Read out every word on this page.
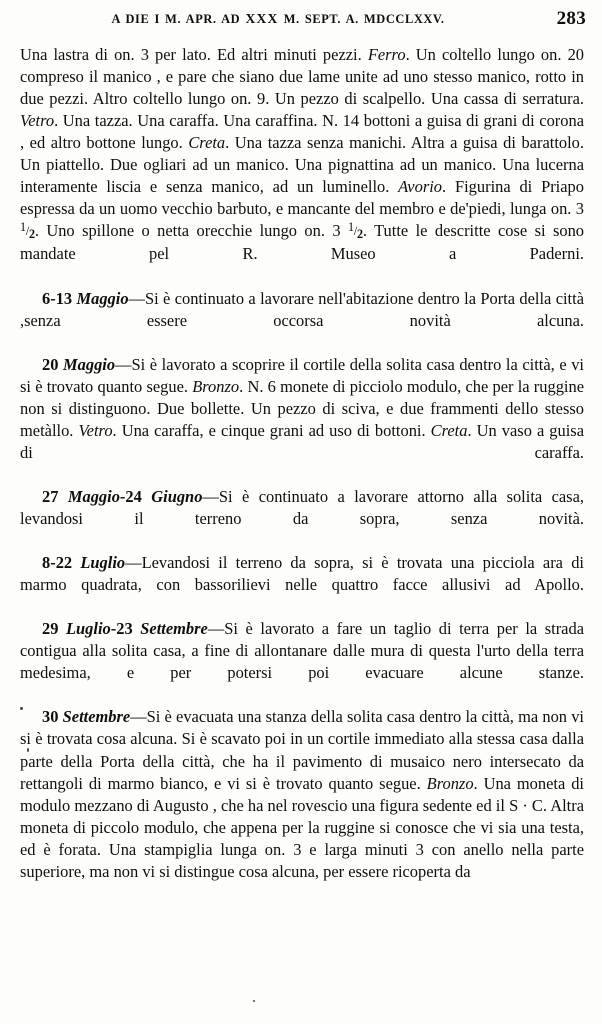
A DIE I M. APR. AD XXX M. SEPT. A. MDCCLXXV.	283

Una lastra di on. 3 per lato. Ed altri minuti pezzi. Ferro. Un coltello lungo on. 20 compreso il manico , e pare che siano due lame unite ad uno stesso manico, rotto in due pezzi. Altro coltello lungo on. 9. Un pezzo di scalpello. Una cassa di serratura. Vetro. Una tazza. Una caraffa. Una caraffina. N. 14 bottoni a guisa di grani di corona , ed altro bottone lungo. Creta. Una tazza senza manichi. Altra a guisa di barattolo. Un piattello. Due ogliari ad un manico. Una pignattina ad un manico. Una lucerna interamente liscia e senza manico, ad un luminello. Avorio. Figurina di Priapo espressa da un uomo vecchio barbuto, e mancante del membro e de'piedi, lunga on. 3 1/2. Uno spillone o netta orecchie lungo on. 3 1/2. Tutte le descritte cose si sono mandate pel R. Museo a Paderni.

6-13 Maggio—Si è continuato a lavorare nell'abitazione dentro la Porta della città ,senza essere occorsa novità alcuna.

20 Maggio—Si è lavorato a scoprire il cortile della solita casa dentro la città, e vi si è trovato quanto segue. Bronzo. N. 6 monete di picciolo modulo, che per la ruggine non si distinguono. Due bollette. Un pezzo di sciva, e due frammenti dello stesso metàllo. Vetro. Una caraffa, e cinque grani ad uso di bottoni. Creta. Un vaso a guisa di caraffa.

27 Maggio-24 Giugno—Si è continuato a lavorare attorno alla solita casa, levandosi il terreno da sopra, senza novità.

8-22 Luglio—Levandosi il terreno da sopra, si è trovata una picciola ara di marmo quadrata, con bassorilievi nelle quattro facce allusivi ad Apollo.

29 Luglio-23 Settembre—Si è lavorato a fare un taglio di terra per la strada contigua alla solita casa, a fine di allontanare dalle mura di questa l'urto della terra medesima, e per potersi poi evacuare alcune stanze.

30 Settembre—Si è evacuata una stanza della solita casa dentro la città, ma non vi si è trovata cosa alcuna. Si è scavato poi in un cortile immediato alla stessa casa dalla parte della Porta della città, che ha il pavimento di musaico nero intersecato da rettangoli di marmo bianco, e vi si è trovato quanto segue. Bronzo. Una moneta di modulo mezzano di Augusto , che ha nel rovescio una figura sedente ed il S · C. Altra moneta di piccolo modulo, che appena per la ruggine si conosce che vi sia una testa, ed è forata. Una stampiglia lunga on. 3 e larga minuti 3 con anello nella parte superiore, ma non vi si distingue cosa alcuna, per essere ricoperta da
